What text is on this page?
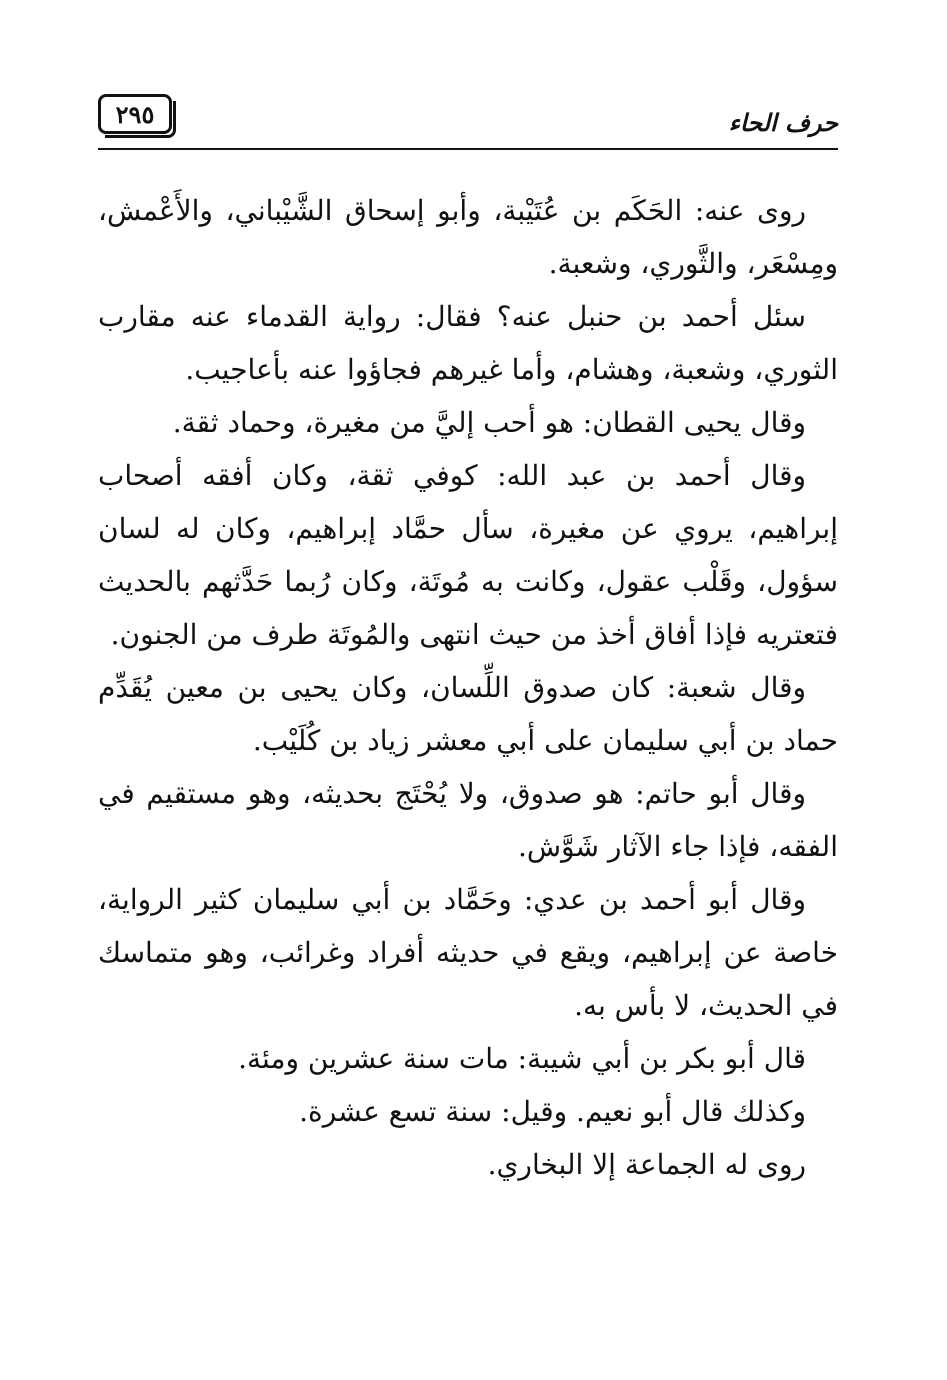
٢٩٥	حرف الحاء

روى عنه: الحَكَم بن عُتَيْبة، وأبو إسحاق الشَّيْباني، والأَعْمش، ومِسْعَر، والثَّوري، وشعبة.

سئل أحمد بن حنبل عنه؟ فقال: رواية القدماء عنه مقارب الثوري، وشعبة، وهشام، وأما غيرهم فجاؤوا عنه بأعاجيب.

وقال يحيى القطان: هو أحب إليَّ من مغيرة، وحماد ثقة.

وقال أحمد بن عبد الله: كوفي ثقة، وكان أفقه أصحاب إبراهيم، يروي عن مغيرة، سأل حمَّاد إبراهيم، وكان له لسان سؤول، وقَلْب عقول، وكانت به مُوتَة، وكان رُبما حَدَّثهم بالحديث فتعتريه فإذا أفاق أخذ من حيث انتهى والمُوتَة طرف من الجنون.

وقال شعبة: كان صدوق اللِّسان، وكان يحيى بن معين يُقَدِّم حماد بن أبي سليمان على أبي معشر زياد بن كُلَيْب.

وقال أبو حاتم: هو صدوق، ولا يُحْتَج بحديثه، وهو مستقيم في الفقه، فإذا جاء الآثار شَوَّش.

وقال أبو أحمد بن عدي: وحَمَّاد بن أبي سليمان كثير الرواية، خاصة عن إبراهيم، ويقع في حديثه أفراد وغرائب، وهو متماسك في الحديث، لا بأس به.

قال أبو بكر بن أبي شيبة: مات سنة عشرين ومئة.

وكذلك قال أبو نعيم. وقيل: سنة تسع عشرة.

روى له الجماعة إلا البخاري.
